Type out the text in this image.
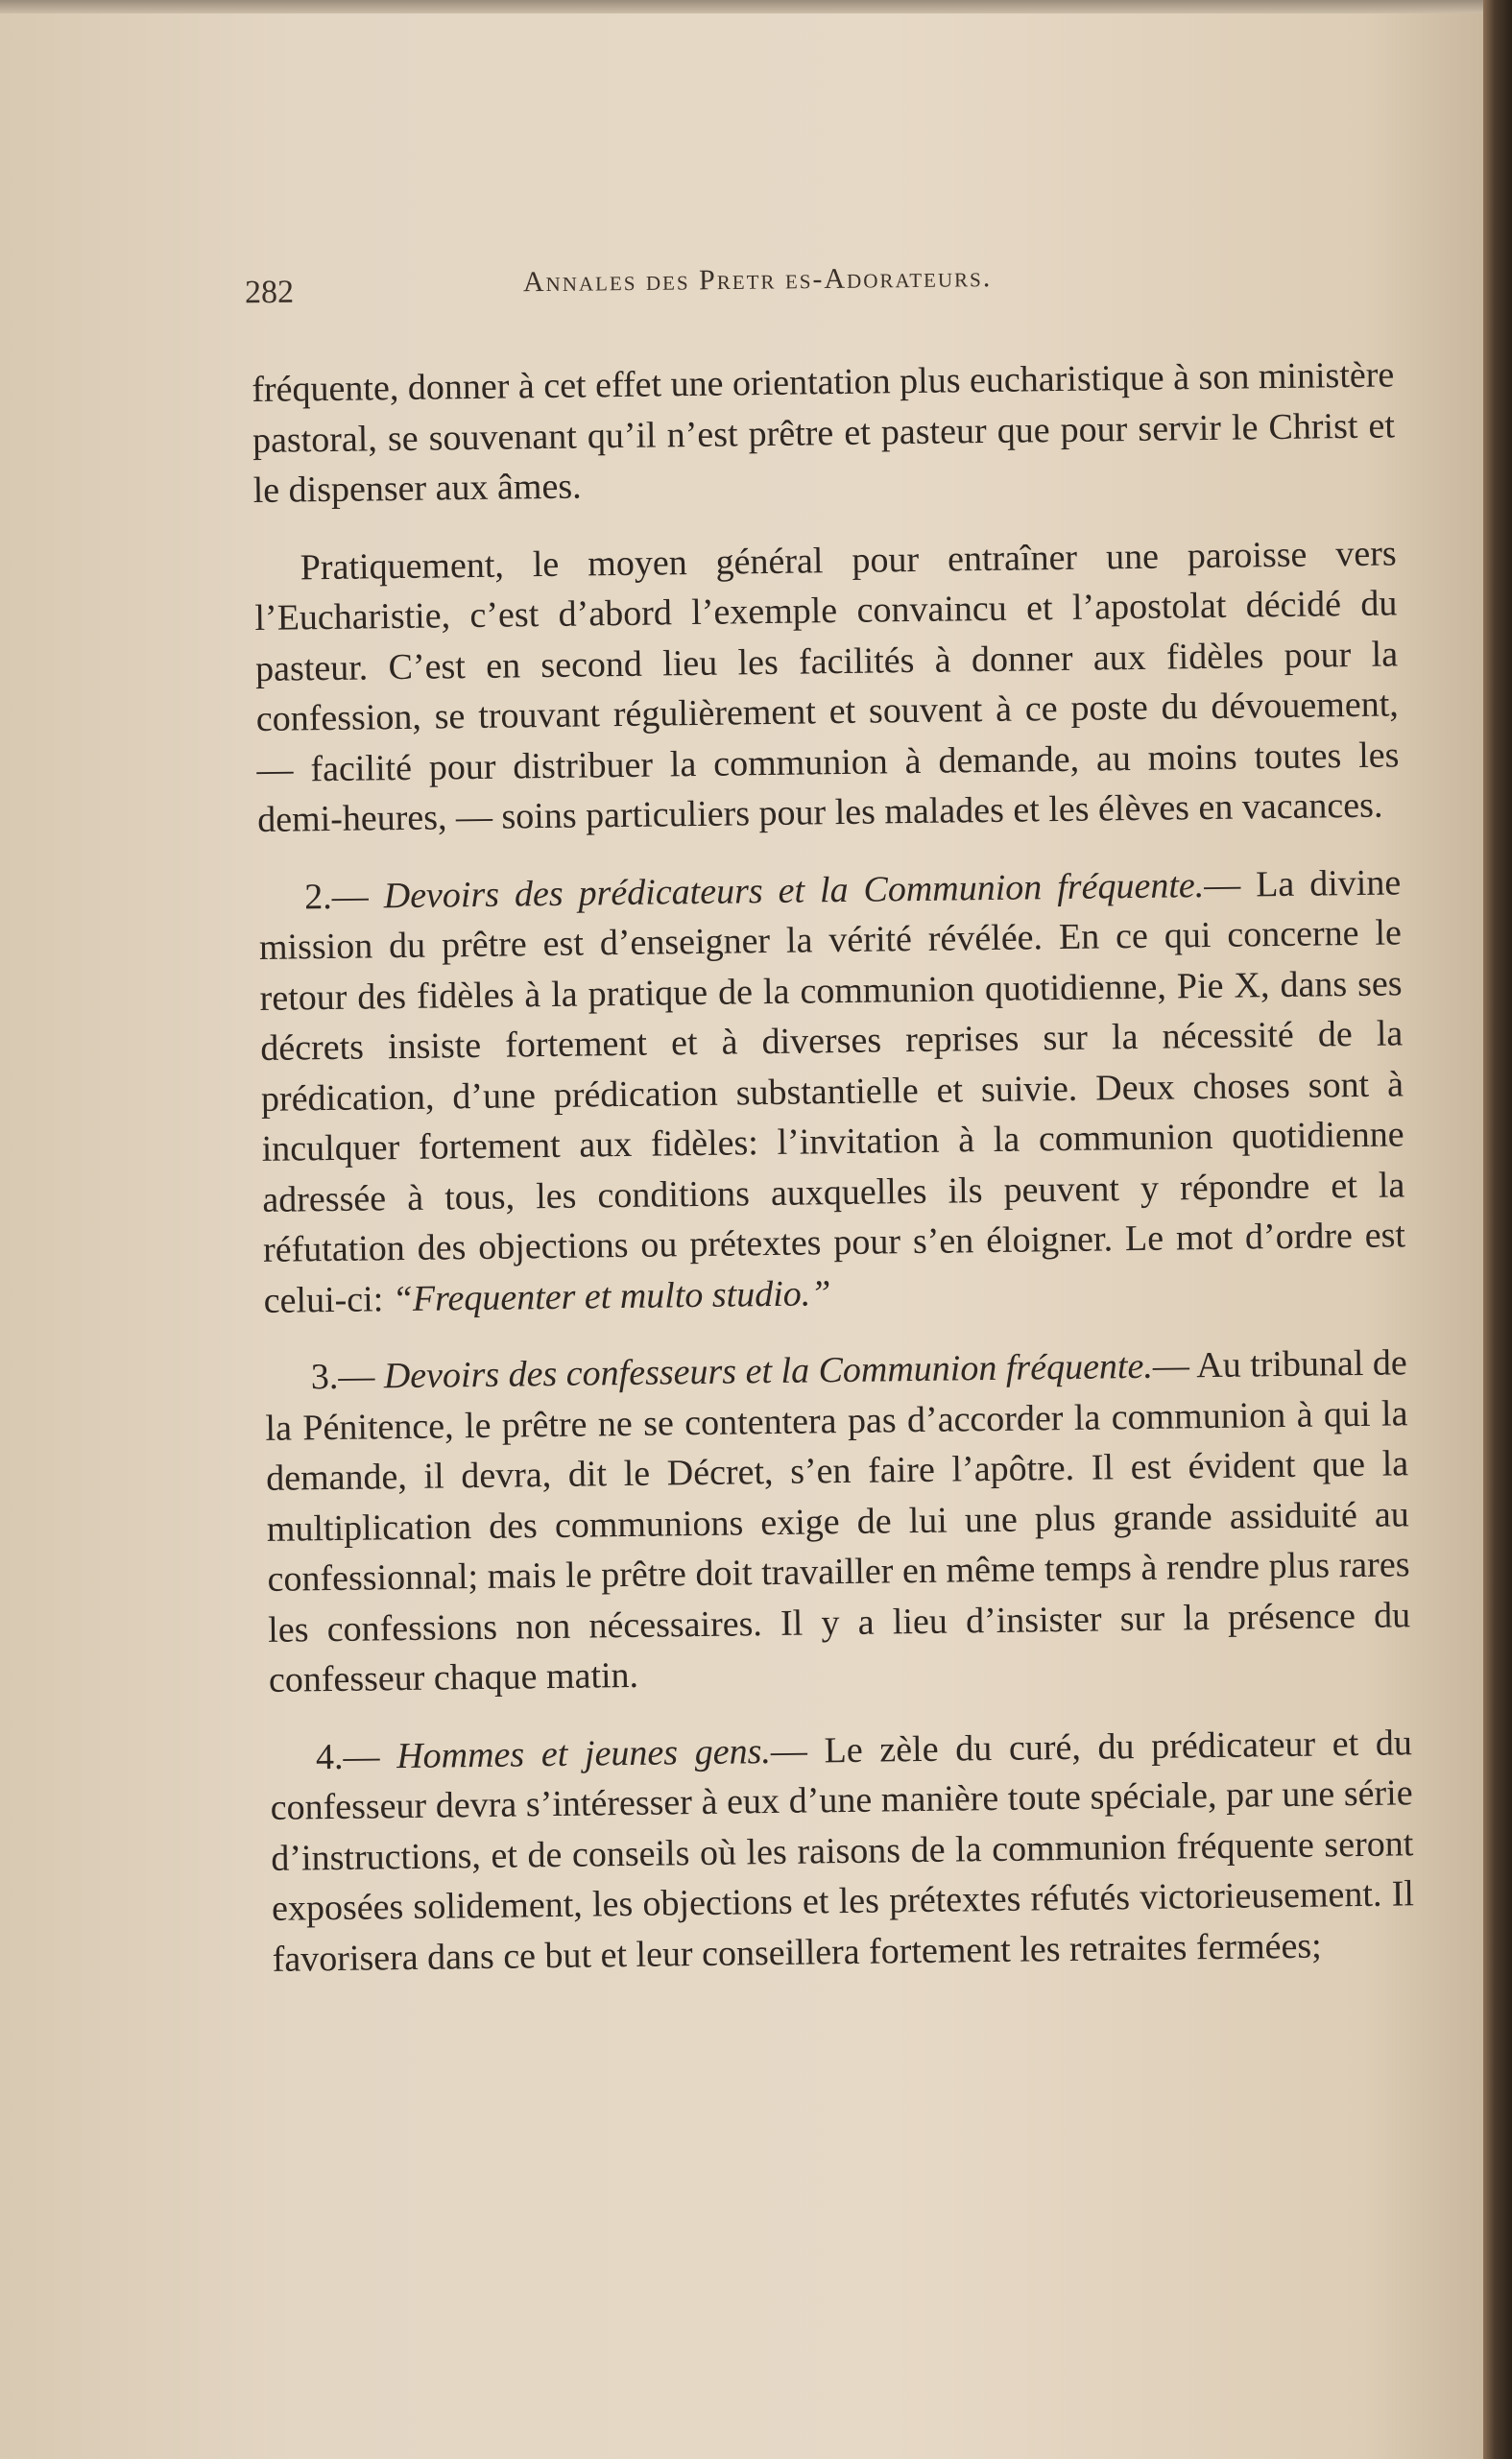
282	Annales des Pretr es-Adorateurs.

fréquente, donner à cet effet une orientation plus eucharistique à son ministère pastoral, se souvenant qu’il n’est prêtre et pasteur que pour servir le Christ et le dispenser aux âmes.

Pratiquement, le moyen général pour entraîner une paroisse vers l’Eucharistie, c’est d’abord l’exemple convaincu et l’apostolat décidé du pasteur. C’est en second lieu les facilités à donner aux fidèles pour la confession, se trouvant régulièrement et souvent à ce poste du dévouement, — facilité pour distribuer la communion à demande, au moins toutes les demi-heures, — soins particuliers pour les malades et les élèves en vacances.

2.— Devoirs des prédicateurs et la Communion fréquente.— La divine mission du prêtre est d’enseigner la vérité révélée. En ce qui concerne le retour des fidèles à la pratique de la communion quotidienne, Pie X, dans ses décrets insiste fortement et à diverses reprises sur la nécessité de la prédication, d’une prédication substantielle et suivie. Deux choses sont à inculquer fortement aux fidèles: l’invitation à la communion quotidienne adressée à tous, les conditions auxquelles ils peuvent y répondre et la réfutation des objections ou prétextes pour s’en éloigner. Le mot d’ordre est celui-ci: “Frequenter et multo studio.”

3.— Devoirs des confesseurs et la Communion fréquente.— Au tribunal de la Pénitence, le prêtre ne se contentera pas d’accorder la communion à qui la demande, il devra, dit le Décret, s’en faire l’apôtre. Il est évident que la multiplication des communions exige de lui une plus grande assiduité au confessionnal; mais le prêtre doit travailler en même temps à rendre plus rares les confessions non nécessaires. Il y a lieu d’insister sur la présence du confesseur chaque matin.

4.— Hommes et jeunes gens.— Le zèle du curé, du prédicateur et du confesseur devra s’intéresser à eux d’une manière toute spéciale, par une série d’instructions, et de conseils où les raisons de la communion fréquente seront exposées solidement, les objections et les prétextes réfutés victorieusement. Il favorisera dans ce but et leur conseillera fortement les retraites fermées;
